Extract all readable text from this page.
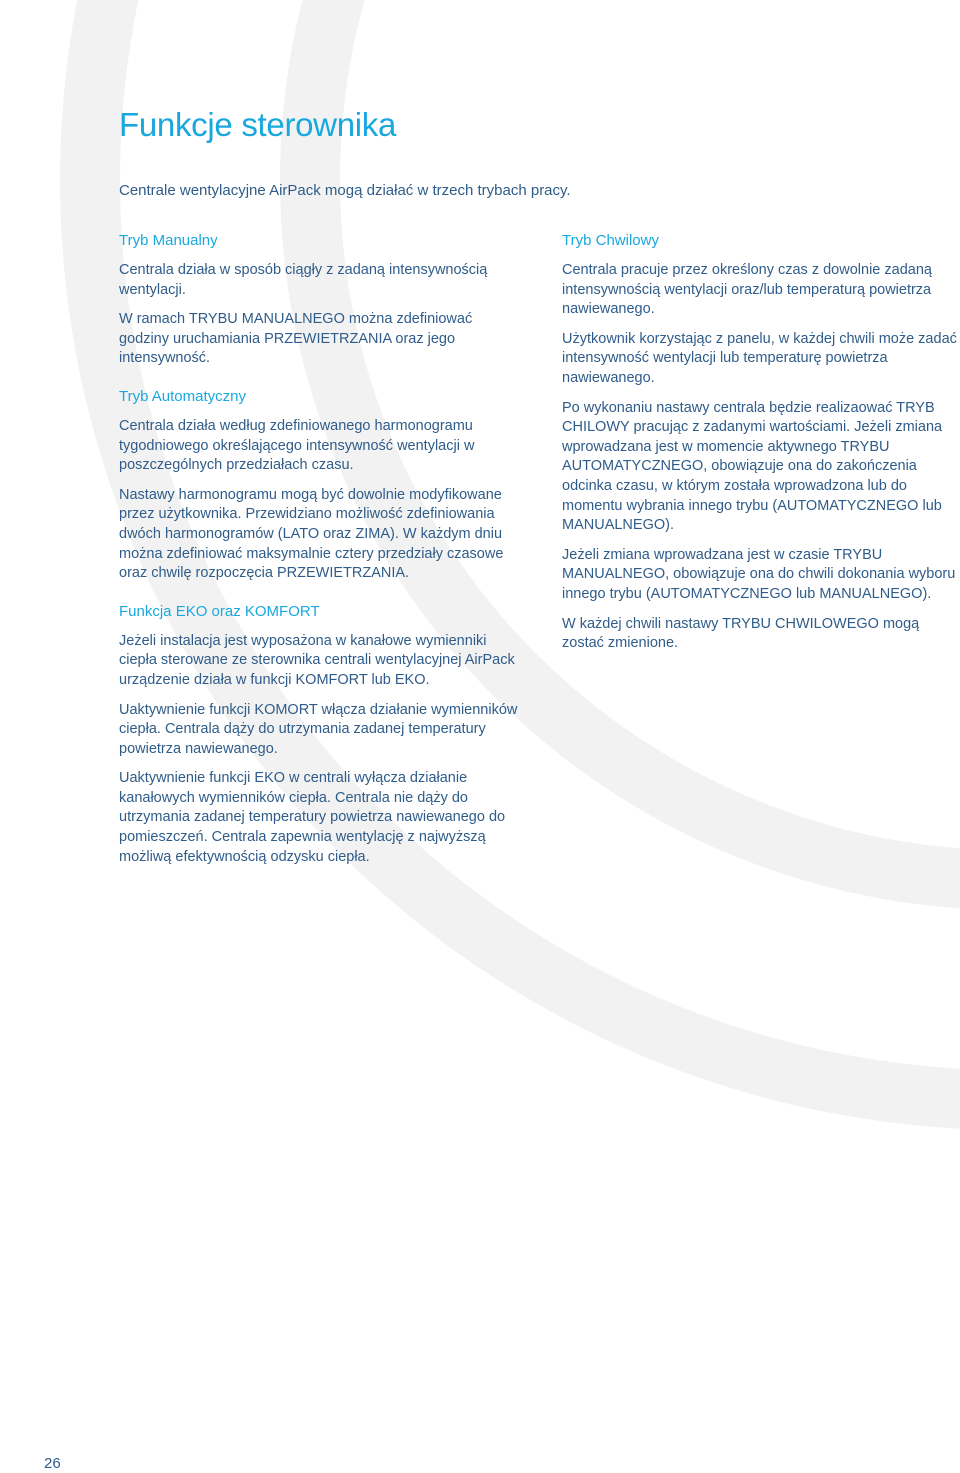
Funkcje sterownika

Centrale wentylacyjne AirPack mogą działać w trzech trybach pracy.

Tryb Manualny

Centrala działa w sposób ciągły z zadaną intensywnością wentylacji.

W ramach TRYBU MANUALNEGO można zdefiniować godziny uruchamiania PRZEWIETRZANIA oraz jego intensywność.

Tryb Automatyczny

Centrala działa według zdefiniowanego harmonogramu tygodniowego określającego intensywność wentylacji w poszczególnych przedziałach czasu.

Nastawy harmonogramu mogą być dowolnie modyfikowane przez użytkownika. Przewidziano możliwość zdefiniowania dwóch harmonogramów (LATO oraz ZIMA). W każdym dniu można zdefiniować maksymalnie cztery przedziały czasowe oraz chwilę rozpoczęcia PRZEWIETRZANIA.

Funkcja EKO oraz KOMFORT

Jeżeli instalacja jest wyposażona w kanałowe wymienniki ciepła sterowane ze sterownika centrali wentylacyjnej AirPack urządzenie działa w funkcji KOMFORT lub EKO.

Uaktywnienie funkcji KOMORT włącza działanie wymienników ciepła. Centrala dąży do utrzymania zadanej temperatury powietrza nawiewanego.

Uaktywnienie funkcji EKO w centrali wyłącza działanie kanałowych wymienników ciepła. Centrala nie dąży do utrzymania zadanej temperatury powietrza nawiewanego do pomieszczeń. Centrala zapewnia wentylację z najwyższą możliwą efektywnością odzysku ciepła.

Tryb Chwilowy

Centrala pracuje przez określony czas z dowolnie zadaną intensywnością wentylacji oraz/lub temperaturą powietrza nawiewanego.

Użytkownik korzystając z panelu, w każdej chwili może zadać intensywność wentylacji lub temperaturę powietrza nawiewanego.

Po wykonaniu nastawy centrala będzie realizaować TRYB CHILOWY pracując z zadanymi wartościami. Jeżeli zmiana wprowadzana jest w momencie aktywnego TRYBU AUTOMATYCZNEGO, obowiązuje ona do zakończenia odcinka czasu, w którym została wprowadzona lub do momentu wybrania innego trybu (AUTOMATYCZNEGO lub MANUALNEGO).

Jeżeli zmiana wprowadzana jest w czasie TRYBU MANUALNEGO, obowiązuje ona do chwili dokonania wyboru innego trybu (AUTOMATYCZNEGO lub MANUALNEGO).

W każdej chwili nastawy TRYBU CHWILOWEGO mogą zostać zmienione.

26
